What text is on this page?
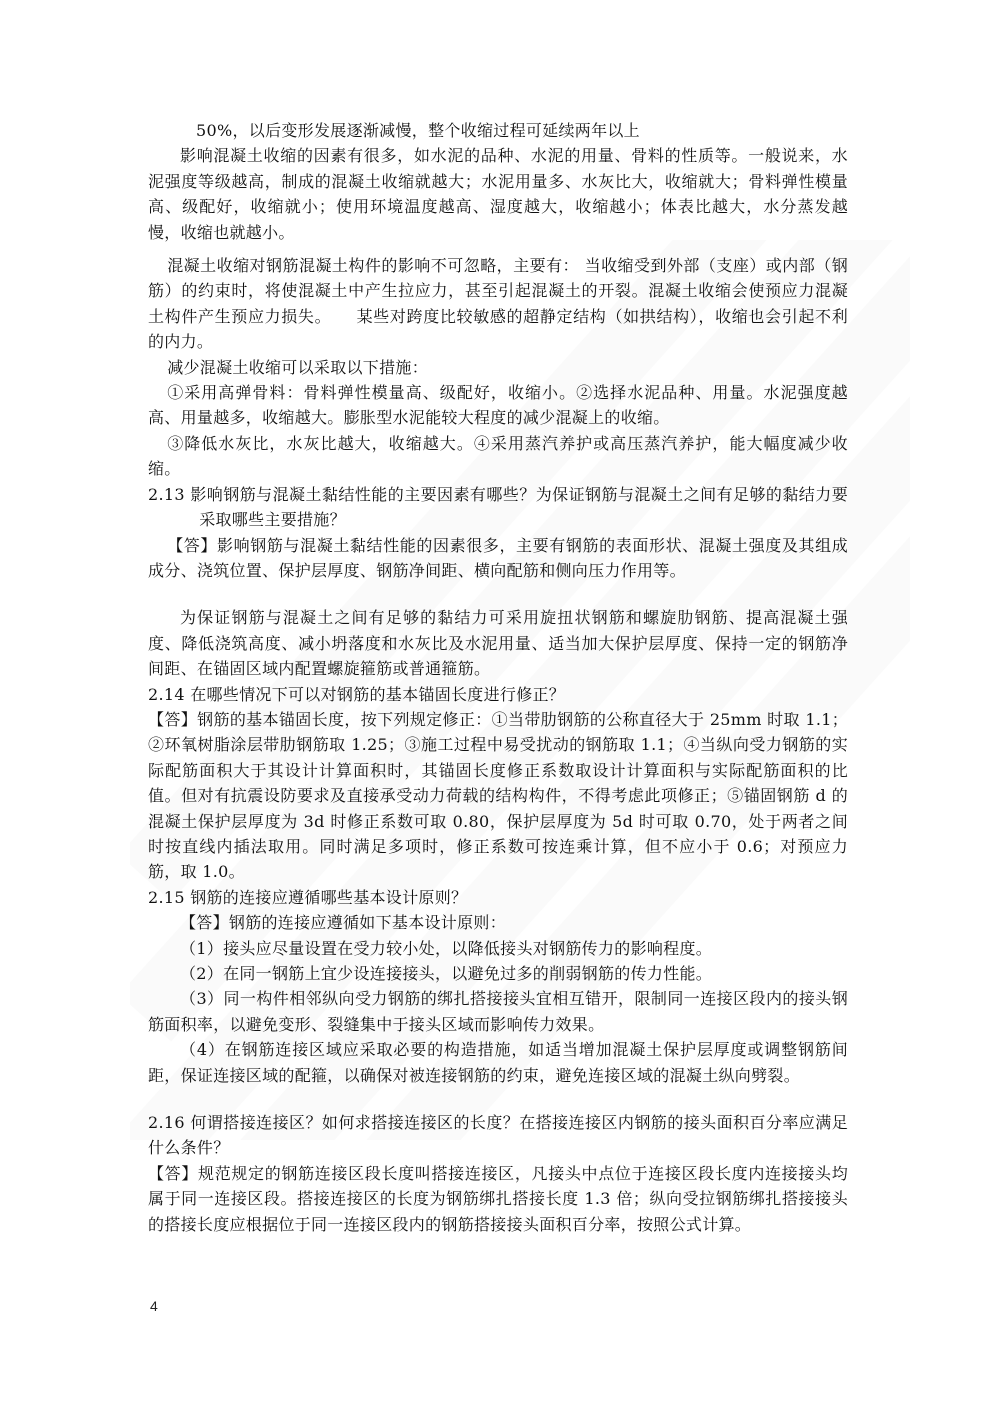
50%，以后变形发展逐渐减慢，整个收缩过程可延续两年以上

影响混凝土收缩的因素有很多，如水泥的品种、水泥的用量、骨料的性质等。一般说来，水泥强度等级越高，制成的混凝土收缩就越大；水泥用量多、水灰比大，收缩就大；骨料弹性模量高、级配好，收缩就小；使用环境温度越高、湿度越大，收缩越小；体表比越大，水分蒸发越慢，收缩也就越小。

混凝土收缩对钢筋混凝土构件的影响不可忽略，主要有： 当收缩受到外部（支座）或内部（钢筋）的约束时，将使混凝土中产生拉应力，甚至引起混凝土的开裂。混凝土收缩会使预应力混凝土构件产生预应力损失。　　某些对跨度比较敏感的超静定结构（如拱结构），收缩也会引起不利的内力。

减少混凝土收缩可以采取以下措施：

①采用高弹骨料：骨料弹性模量高、级配好，收缩小。②选择水泥品种、用量。水泥强度越高、用量越多，收缩越大。膨胀型水泥能较大程度的减少混凝上的收缩。

③降低水灰比，水灰比越大，收缩越大。④采用蒸汽养护或高压蒸汽养护，能大幅度减少收缩。

2.13 影响钢筋与混凝土黏结性能的主要因素有哪些？为保证钢筋与混凝土之间有足够的黏结力要采取哪些主要措施？

【答】影响钢筋与混凝土黏结性能的因素很多，主要有钢筋的表面形状、混凝土强度及其组成成分、浇筑位置、保护层厚度、钢筋净间距、横向配筋和侧向压力作用等。

为保证钢筋与混凝土之间有足够的黏结力可采用旋扭状钢筋和螺旋肋钢筋、提高混凝土强度、降低浇筑高度、减小坍落度和水灰比及水泥用量、适当加大保护层厚度、保持一定的钢筋净间距、在锚固区域内配置螺旋箍筋或普通箍筋。

2.14 在哪些情况下可以对钢筋的基本锚固长度进行修正？

【答】钢筋的基本锚固长度，按下列规定修正：①当带肋钢筋的公称直径大于 25mm 时取 1.1；②环氧树脂涂层带肋钢筋取 1.25；③施工过程中易受扰动的钢筋取 1.1；④当纵向受力钢筋的实际配筋面积大于其设计计算面积时，其锚固长度修正系数取设计计算面积与实际配筋面积的比值。但对有抗震设防要求及直接承受动力荷载的结构构件，不得考虑此项修正；⑤锚固钢筋 d 的混凝土保护层厚度为 3d 时修正系数可取 0.80，保护层厚度为 5d 时可取 0.70，处于两者之间时按直线内插法取用。同时满足多项时，修正系数可按连乘计算，但不应小于 0.6；对预应力筋，取 1.0。

2.15 钢筋的连接应遵循哪些基本设计原则？

【答】钢筋的连接应遵循如下基本设计原则：

（1）接头应尽量设置在受力较小处，以降低接头对钢筋传力的影响程度。

（2）在同一钢筋上宜少设连接接头，以避免过多的削弱钢筋的传力性能。

（3）同一构件相邻纵向受力钢筋的绑扎搭接接头宜相互错开，限制同一连接区段内的接头钢筋面积率，以避免变形、裂缝集中于接头区域而影响传力效果。

（4）在钢筋连接区域应采取必要的构造措施，如适当增加混凝土保护层厚度或调整钢筋间距，保证连接区域的配箍，以确保对被连接钢筋的约束，避免连接区域的混凝土纵向劈裂。

2.16 何谓搭接连接区？如何求搭接连接区的长度？在搭接连接区内钢筋的接头面积百分率应满足什么条件？

【答】规范规定的钢筋连接区段长度叫搭接连接区，凡接头中点位于连接区段长度内连接接头均属于同一连接区段。搭接连接区的长度为钢筋绑扎搭接长度 1.3 倍；纵向受拉钢筋绑扎搭接接头的搭接长度应根据位于同一连接区段内的钢筋搭接接头面积百分率，按照公式计算。

4
